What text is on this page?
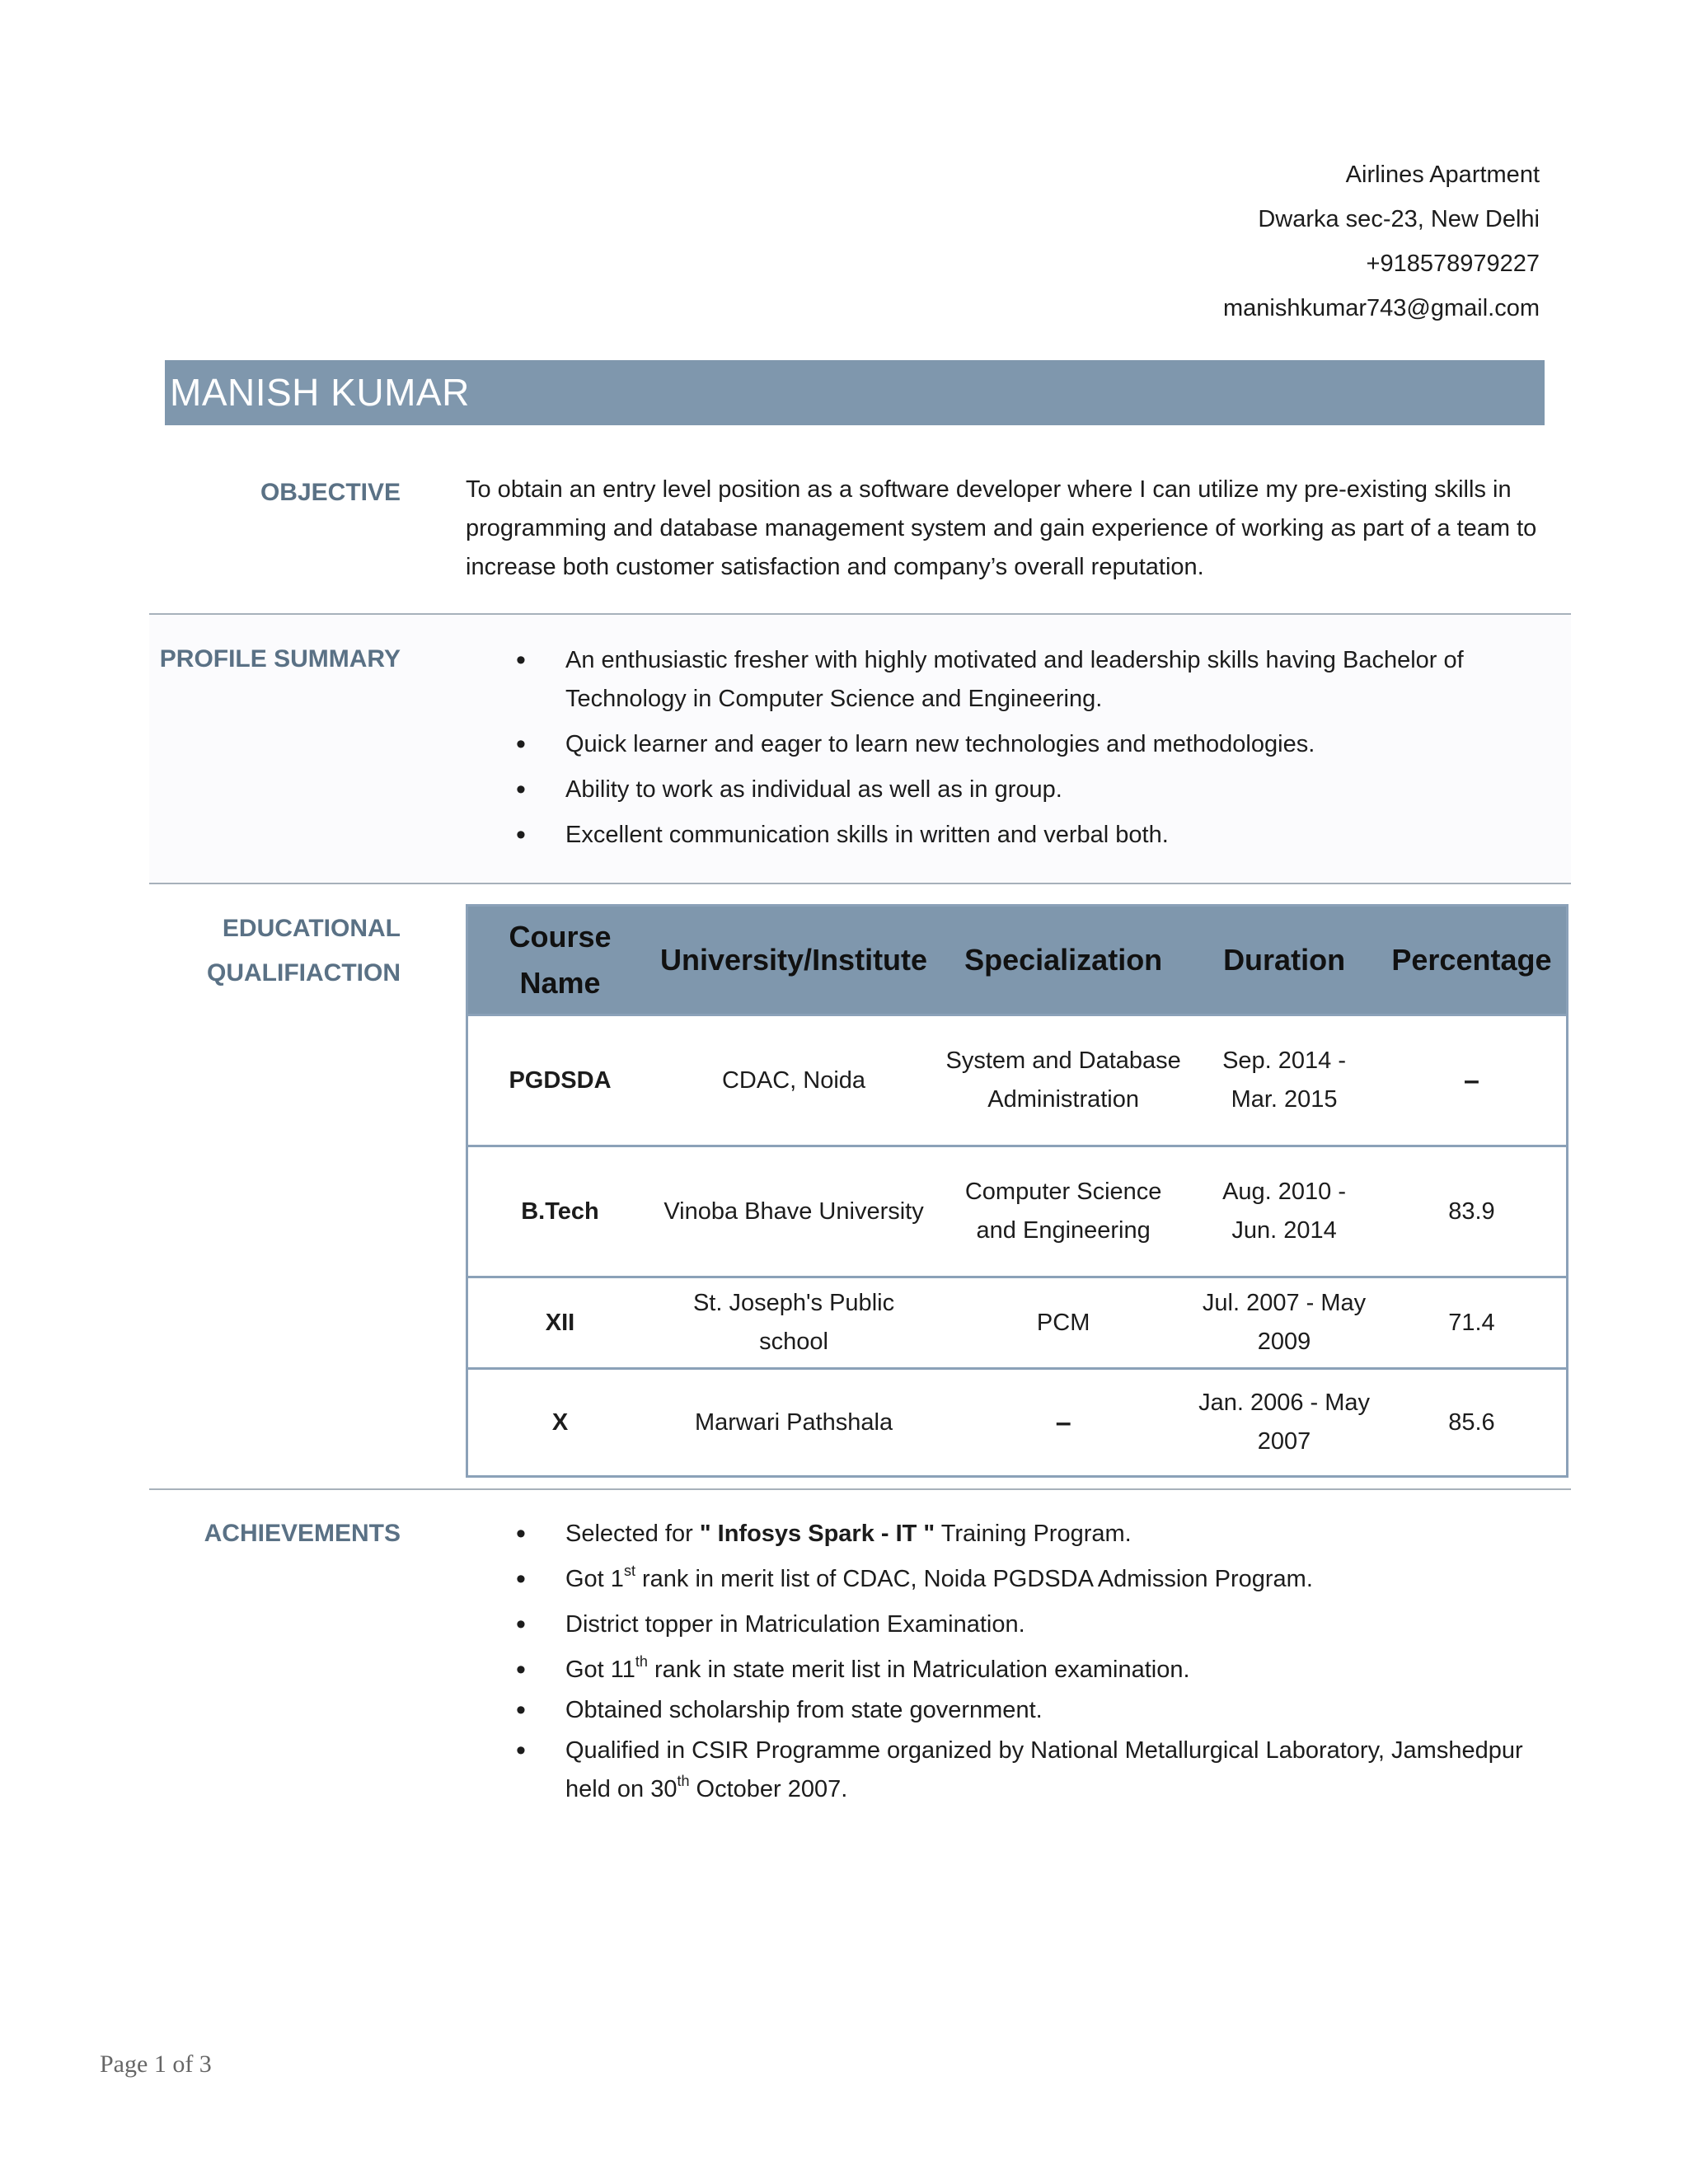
Airlines Apartment
Dwarka sec-23, New Delhi
+918578979227
manishkumar743@gmail.com
MANISH KUMAR
OBJECTIVE	To obtain an entry level position as a software developer where I can utilize my pre-existing skills in programming and database management system and gain experience of working as part of a team to increase both customer satisfaction and company’s overall reputation.
PROFILE SUMMARY	• An enthusiastic fresher with highly motivated and leadership skills having Bachelor of Technology in Computer Science and Engineering.
• Quick learner and eager to learn new technologies and methodologies.
• Ability to work as individual as well as in group.
• Excellent communication skills in written and verbal both.
EDUCATIONAL
QUALIFIACTION
Course Name	University/Institute	Specialization	Duration	Percentage
PGDSDA	CDAC, Noida	System and Database Administration	Sep. 2014 - Mar. 2015	–
B.Tech	Vinoba Bhave University	Computer Science and Engineering	Aug. 2010 - Jun. 2014	83.9
XII	St. Joseph's Public school	PCM	Jul. 2007 - May 2009	71.4
X	Marwari Pathshala	–	Jan. 2006 - May 2007	85.6
ACHIEVEMENTS	• Selected for " Infosys Spark - IT " Training Program.
• Got 1st rank in merit list of CDAC, Noida PGDSDA Admission Program.
• District topper in Matriculation Examination.
• Got 11th rank in state merit list in Matriculation examination.
• Obtained scholarship from state government.
• Qualified in CSIR Programme organized by National Metallurgical Laboratory, Jamshedpur held on 30th October 2007.
Page 1 of 3
